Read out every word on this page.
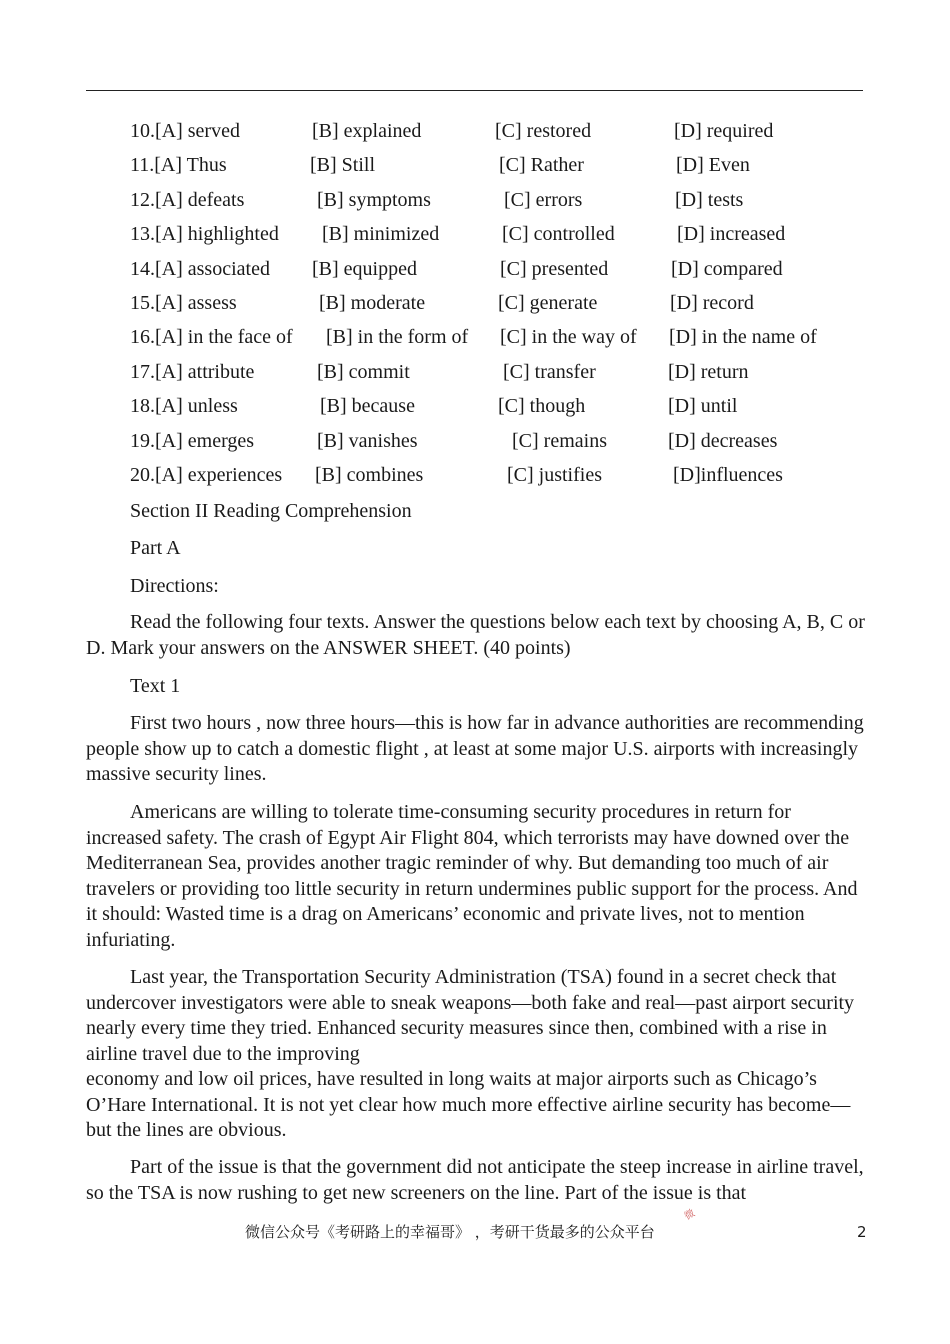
10.[A] served	[B] explained	[C] restored	[D] required
11.[A] Thus	[B] Still	[C] Rather	[D] Even
12.[A] defeats	[B] symptoms	[C] errors	[D] tests
13.[A] highlighted [B] minimized	[C] controlled	[D] increased
14.[A] associated [B] equipped	[C] presented	[D] compared
15.[A] assess	[B] moderate	[C] generate	[D] record
16.[A] in the face of [B] in the form of [C] in the way of [D] in the name of
17.[A] attribute	[B] commit	[C] transfer	[D] return
18.[A] unless	[B] because	[C] though	[D] until
19.[A] emerges	[B] vanishes	[C] remains	[D] decreases
20.[A] experiences [B] combines	[C] justifies	[D]influences
Section II Reading Comprehension
Part A
Directions:

Read the following four texts. Answer the questions below each text by choosing A, B, C or D. Mark your answers on the ANSWER SHEET. (40 points)

Text 1

First two hours , now three hours—this is how far in advance authorities are recommending people show up to catch a domestic flight , at least at some major U.S. airports with increasingly massive security lines.

Americans are willing to tolerate time-consuming security procedures in return for increased safety. The crash of Egypt Air Flight 804, which terrorists may have downed over the Mediterranean Sea, provides another tragic reminder of why. But demanding too much of air travelers or providing too little security in return undermines public support for the process. And it should: Wasted time is a drag on Americans’ economic and private lives, not to mention infuriating.

Last year, the Transportation Security Administration (TSA) found in a secret check that undercover investigators were able to sneak weapons—both fake and real—past airport security nearly every time they tried. Enhanced security measures since then, combined with a rise in airline travel due to the improving
economy and low oil prices, have resulted in long waits at major airports such as Chicago’s O’Hare International. It is not yet clear how much more effective airline security has become—but the lines are obvious.

Part of the issue is that the government did not anticipate the steep increase in airline travel, so the TSA is now rushing to get new screeners on the line. Part of the issue is that

微
微信公众号《考研路上的幸福哥》 ，考研干货最多的公众平台	2
